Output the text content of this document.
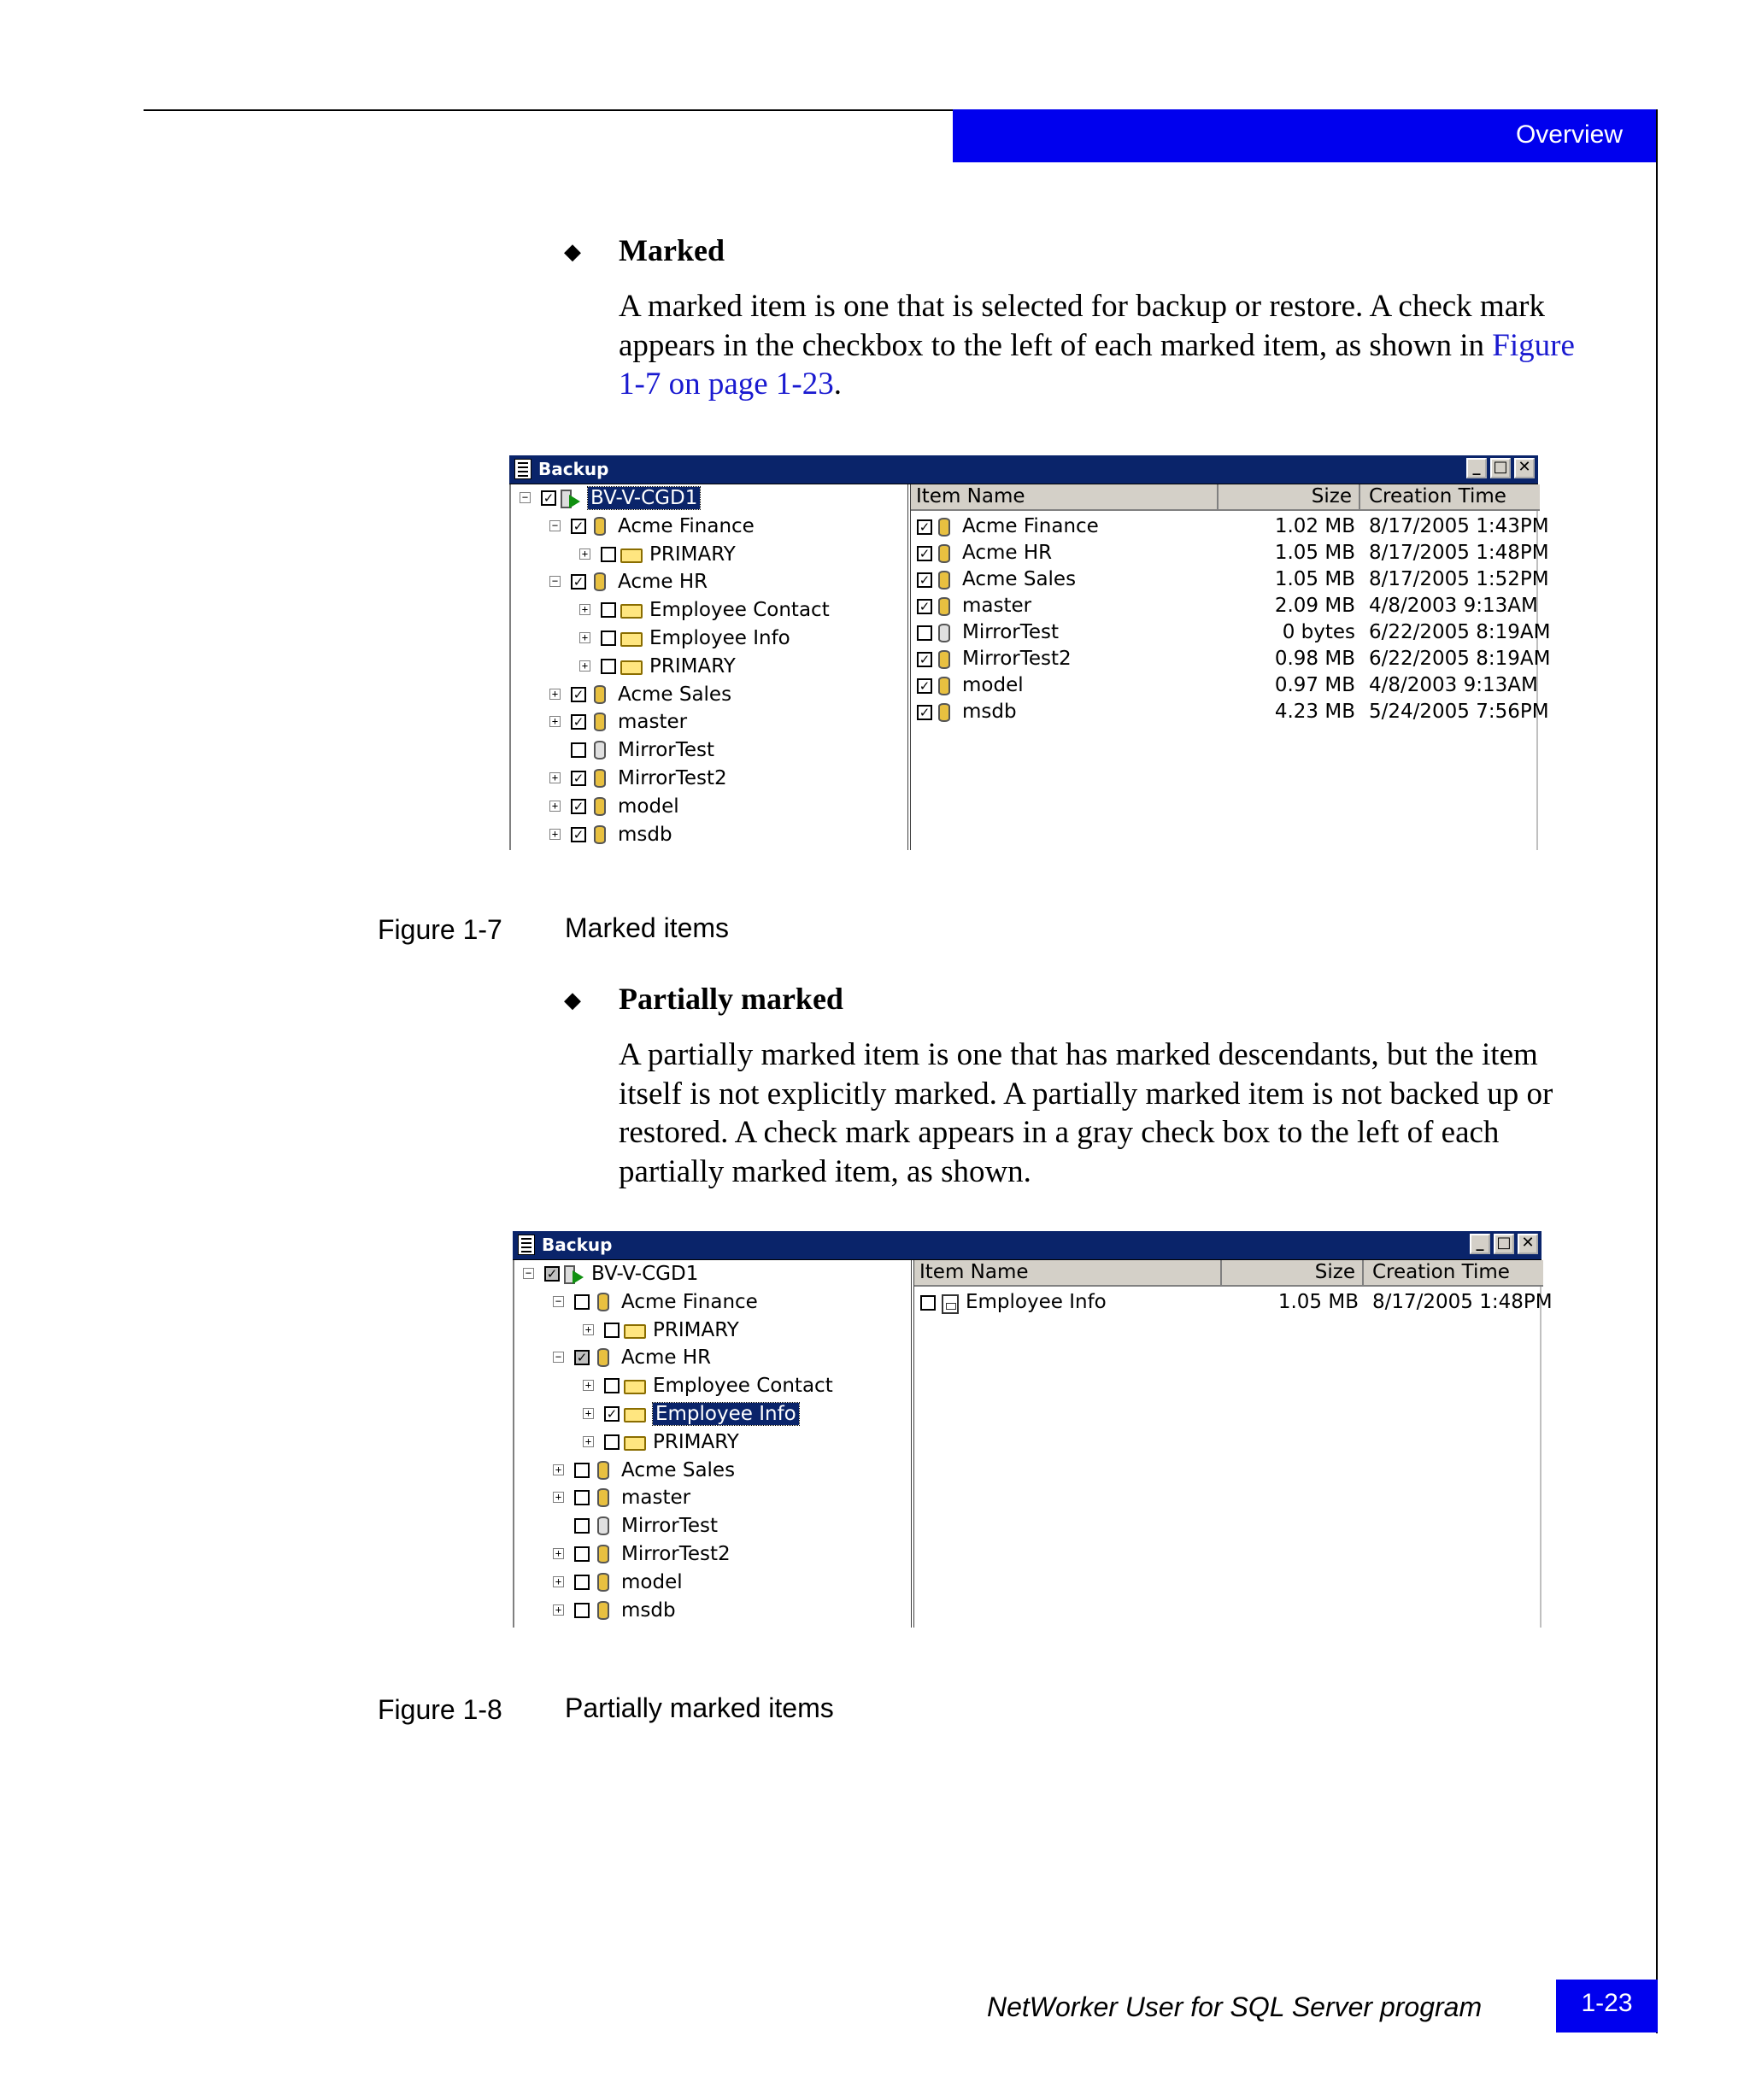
Overview
◆ Marked
A marked item is one that is selected for backup or restore. A check mark appears in the checkbox to the left of each marked item, as shown in Figure 1-7 on page 1-23.
Backup	_ □ ✕
− ✓ BV-V-CGD1
− ✓ Acme Finance
+	PRIMARY
− ✓ Acme HR
+	Employee Contact
+	Employee Info
+	PRIMARY
+ ✓ Acme Sales
+ ✓ master
MirrorTest
+ ✓ MirrorTest2
+ ✓ model
+ ✓ msdb
Item Name	Size Creation Time
✓ Acme Finance	1.02 MB 8/17/2005 1:43PM
✓ Acme HR	1.05 MB 8/17/2005 1:48PM
✓ Acme Sales	1.05 MB 8/17/2005 1:52PM
✓ master	2.09 MB 4/8/2003 9:13AM
MirrorTest	0 bytes 6/22/2005 8:19AM
✓ MirrorTest2	0.98 MB 6/22/2005 8:19AM
✓ model	0.97 MB 4/8/2003 9:13AM
✓ msdb	4.23 MB 5/24/2005 7:56PM
Figure 1-7 Marked items
◆ Partially marked
A partially marked item is one that has marked descendants, but the item itself is not explicitly marked. A partially marked item is not backed up or restored. A check mark appears in a gray check box to the left of each partially marked item, as shown.
Backup	_ □ ✕
− ✓ BV-V-CGD1
−	Acme Finance
+	PRIMARY
− ✓ Acme HR
+	Employee Contact
+ ✓ Employee Info
+	PRIMARY
+	Acme Sales
+	master
MirrorTest
+	MirrorTest2
+	model
+	msdb
Item Name	Size Creation Time
Employee Info	1.05 MB 8/17/2005 1:48PM
Figure 1-8 Partially marked items
NetWorker User for SQL Server program	1-23
